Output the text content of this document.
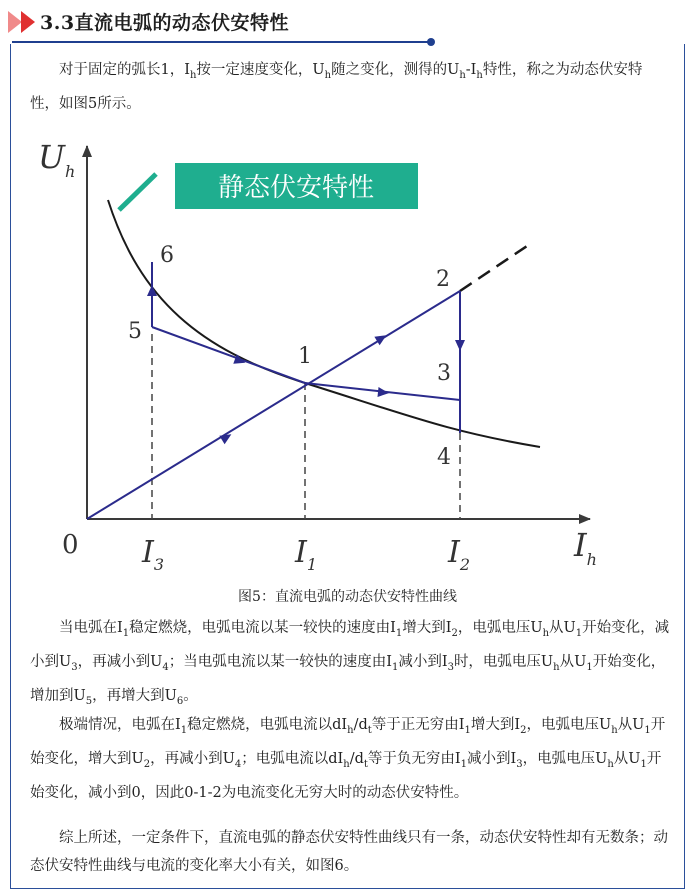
3.3直流电弧的动态伏安特性
对于固定的弧长1，$I_h$按一定速度变化，$U_h$随之变化，测得的$U_h-I_h$特性，称之为动态伏安特性，如图5所示。
$U_h$
$I_h$
0 $I_3$	$I_1$	$I_2$
1
2
3
4
5
6
静态伏安特性
图5：直流电弧的动态伏安特性曲线
当电弧在$I_1$稳定燃烧，电弧电流以某一较快的速度由$I_1$增大到$I_2$，电弧电压$U_h$从$U_1$开始变化，减小到$U_3$，再减小到$U_4$；当电弧电流以某一较快的速度由$I_1$减小到$I_3$时，电弧电压$U_h$从$U_1$开始变化，增加到$U_5$，再增大到$U_6$。
极端情况，电弧在$I_1$稳定燃烧，电弧电流以$dI_h/d_t$等于正无穷由$I_1$增大到$I_2$，电弧电压$U_h$从$U_1$开始变化，增大到$U_2$，再减小到$U_4$；电弧电流以$dI_h/d_t$等于负无穷由$I_1$减小到$I_3$，电弧电压$U_h$从$U_1$开始变化，减小到0，因此0-1-2为电流变化无穷大时的动态伏安特性。
综上所述，一定条件下，直流电弧的静态伏安特性曲线只有一条，动态伏安特性却有无数条；动态伏安特性曲线与电流的变化率大小有关，如图6。
